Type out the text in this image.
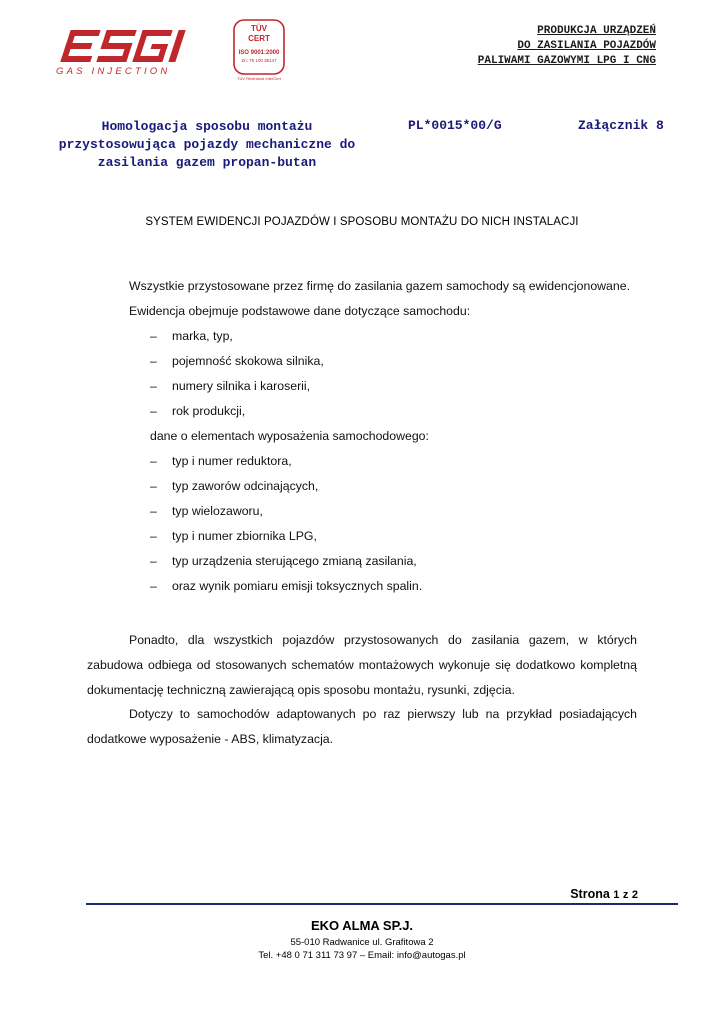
GAS INJECTION
TÜV
CERT
ISO 9001:2000
Zn: 75 100 36147
TÜV Rheinland InterCert
PRODUKCJA URZĄDZEŃ
DO ZASILANIA POJAZDÓW
PALIWAMI GAZOWYMI LPG I CNG
Homologacja sposobu montażu
przystosowująca pojazdy mechaniczne do
zasilania gazem propan-butan
PL*0015*00/G	Załącznik 8
SYSTEM EWIDENCJI POJAZDÓW I SPOSOBU MONTAŻU DO NICH INSTALACJI
Wszystkie przystosowane przez firmę do zasilania gazem samochody są ewidencjonowane.
Ewidencja obejmuje podstawowe dane dotyczące samochodu:
–	marka, typ,
–	pojemność skokowa silnika,
–	numery silnika i karoserii,
–	rok produkcji,
dane o elementach wyposażenia samochodowego:
–	typ i numer reduktora,
–	typ zaworów odcinających,
–	typ wielozaworu,
–	typ i numer zbiornika LPG,
–	typ urządzenia sterującego zmianą zasilania,
–	oraz wynik pomiaru emisji toksycznych spalin.
Ponadto, dla wszystkich pojazdów przystosowanych do zasilania gazem, w których zabudowa odbiega od stosowanych schematów montażowych wykonuje się dodatkowo kompletną dokumentację techniczną zawierającą opis sposobu montażu, rysunki, zdjęcia.
Dotyczy to samochodów adaptowanych po raz pierwszy lub na przykład posiadających dodatkowe wyposażenie - ABS, klimatyzacja.
Strona 1 z 2
EKO ALMA SP.J.
55-010 Radwanice ul. Grafitowa 2
Tel. +48 0 71 311 73 97 – Email: info@autogas.pl
